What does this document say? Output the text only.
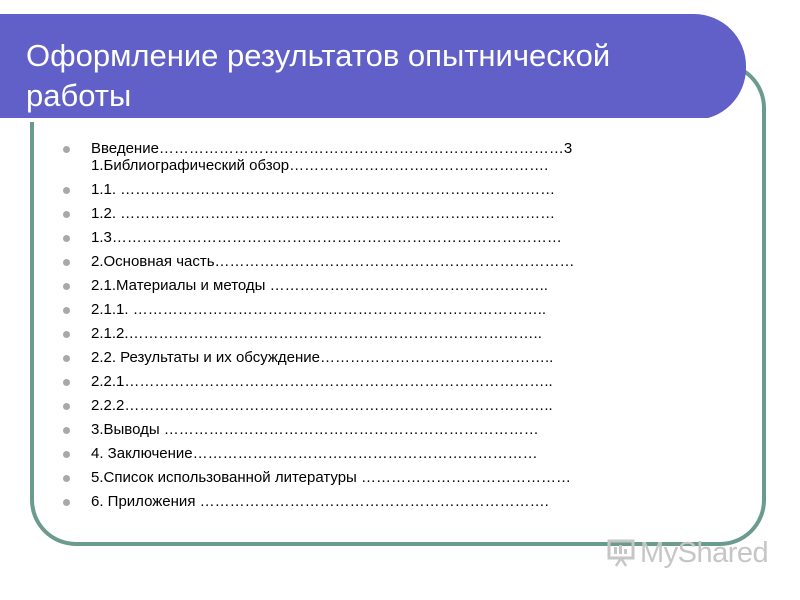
Оформление результатов опытнической работы
Введение………………………………………………………………………3
1.Библиографический обзор…………………………………………….
1.1. ……………………………………………………………………………
1.2. ……………………………………………………………………………
1.3………………………………………………………………………………
2.Основная часть………………………………………………………………
2.1.Материалы и методы ………………………………………………..
2.1.1. ………………………………………………………………………..
2.1.2.………………………………………………………………………..
2.2. Результаты и их обсуждение………………………………………..
2.2.1…………………………………………………………………………..
2.2.2…………………………………………………………………………..
3.Выводы …………………………………………………………………
4. Заключение……………………………………………………………
5.Список использованной литературы ……………………………………
6. Приложения …………………………………………………………….
MyShared
